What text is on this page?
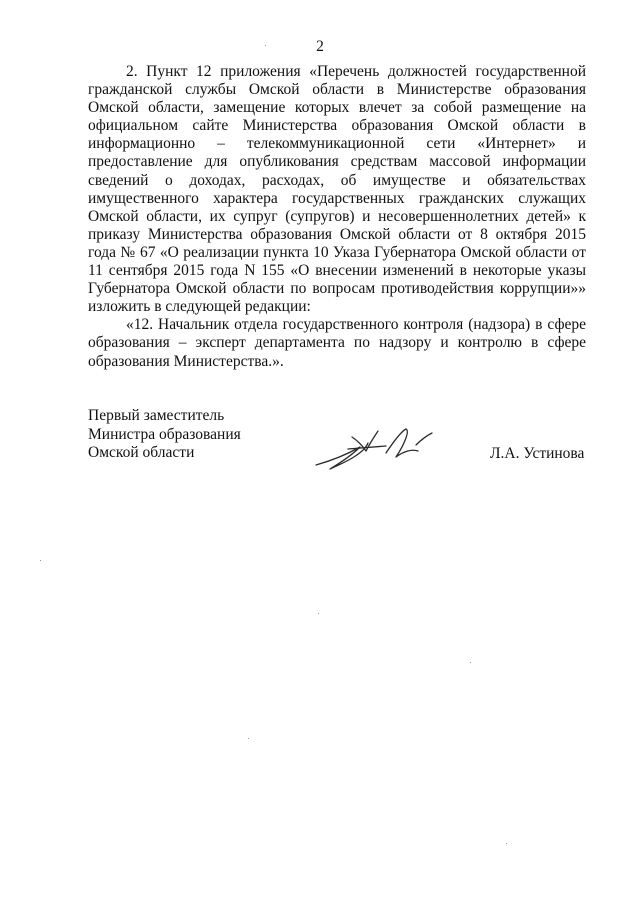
2

2. Пункт 12 приложения «Перечень должностей государственной гражданской службы Омской области в Министерстве образования Омской области, замещение которых влечет за собой размещение на официальном сайте Министерства образования Омской области в информационно – телекоммуникационной сети «Интернет» и предоставление для опубликования средствам массовой информации сведений о доходах, расходах, об имуществе и обязательствах имущественного характера государственных гражданских служащих Омской области, их супруг (супругов) и несовершеннолетних детей» к приказу Министерства образования Омской области от 8 октября 2015 года № 67 «О реализации пункта 10 Указа Губернатора Омской области от 11 сентября 2015 года N 155 «О внесении изменений в некоторые указы Губернатора Омской области по вопросам противодействия коррупции»» изложить в следующей редакции:

«12. Начальник отдела государственного контроля (надзора) в сфере образования – эксперт департамента по надзору и контролю в сфере образования Министерства.».

Первый заместитель
Министра образования
Омской области	Л.А. Устинова
